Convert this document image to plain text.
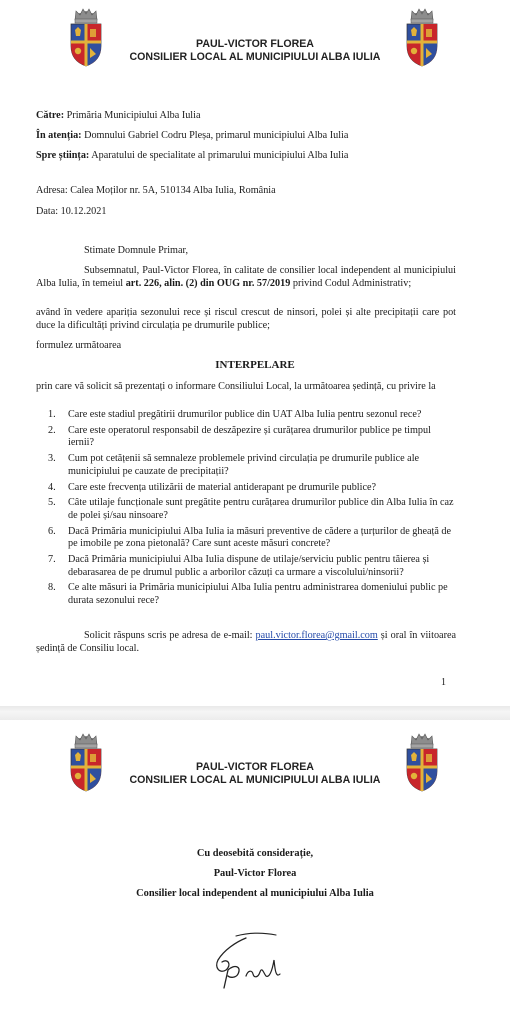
PAUL-VICTOR FLOREA
CONSILIER LOCAL AL MUNICIPIULUI ALBA IULIA
Către: Primăria Municipiului Alba Iulia
În atenția: Domnului Gabriel Codru Pleșa, primarul municipiului Alba Iulia
Spre știința: Aparatului de specialitate al primarului municipiului Alba Iulia
Adresa: Calea Moților nr. 5A, 510134 Alba Iulia, România
Data: 10.12.2021
Stimate Domnule Primar,
Subsemnatul, Paul-Victor Florea, în calitate de consilier local independent al municipiului Alba Iulia, în temeiul art. 226, alin. (2) din OUG nr. 57/2019 privind Codul Administrativ;
având în vedere apariția sezonului rece și riscul crescut de ninsori, polei și alte precipitații care pot duce la dificultăți privind circulația pe drumurile publice;
formulez următoarea
INTERPELARE
prin care vă solicit să prezentați o informare Consiliului Local, la următoarea ședință, cu privire la
1. Care este stadiul pregătirii drumurilor publice din UAT Alba Iulia pentru sezonul rece?
2. Care este operatorul responsabil de deszăpezire și curățarea drumurilor publice pe timpul iernii?
3. Cum pot cetățenii să semnaleze problemele privind circulația pe drumurile publice ale municipiului pe cauzate de precipitații?
4. Care este frecvența utilizării de material antiderapant pe drumurile publice?
5. Câte utilaje funcționale sunt pregătite pentru curățarea drumurilor publice din Alba Iulia în caz de polei și/sau ninsoare?
6. Dacă Primăria municipiului Alba Iulia ia măsuri preventive de cădere a țurțurilor de gheață de pe imobile pe zona pietonală? Care sunt aceste măsuri concrete?
7. Dacă Primăria municipiului Alba Iulia dispune de utilaje/serviciu public pentru tăierea și debarasarea de pe drumul public a arborilor căzuți ca urmare a viscolului/ninsorii?
8. Ce alte măsuri ia Primăria municipiului Alba Iulia pentru administrarea domeniului public pe durata sezonului rece?
Solicit răspuns scris pe adresa de e-mail: paul.victor.florea@gmail.com și oral în viitoarea ședință de Consiliu local.
1
PAUL-VICTOR FLOREA
CONSILIER LOCAL AL MUNICIPIULUI ALBA IULIA
Cu deosebită considerație,
Paul-Victor Florea
Consilier local independent al municipiului Alba Iulia
